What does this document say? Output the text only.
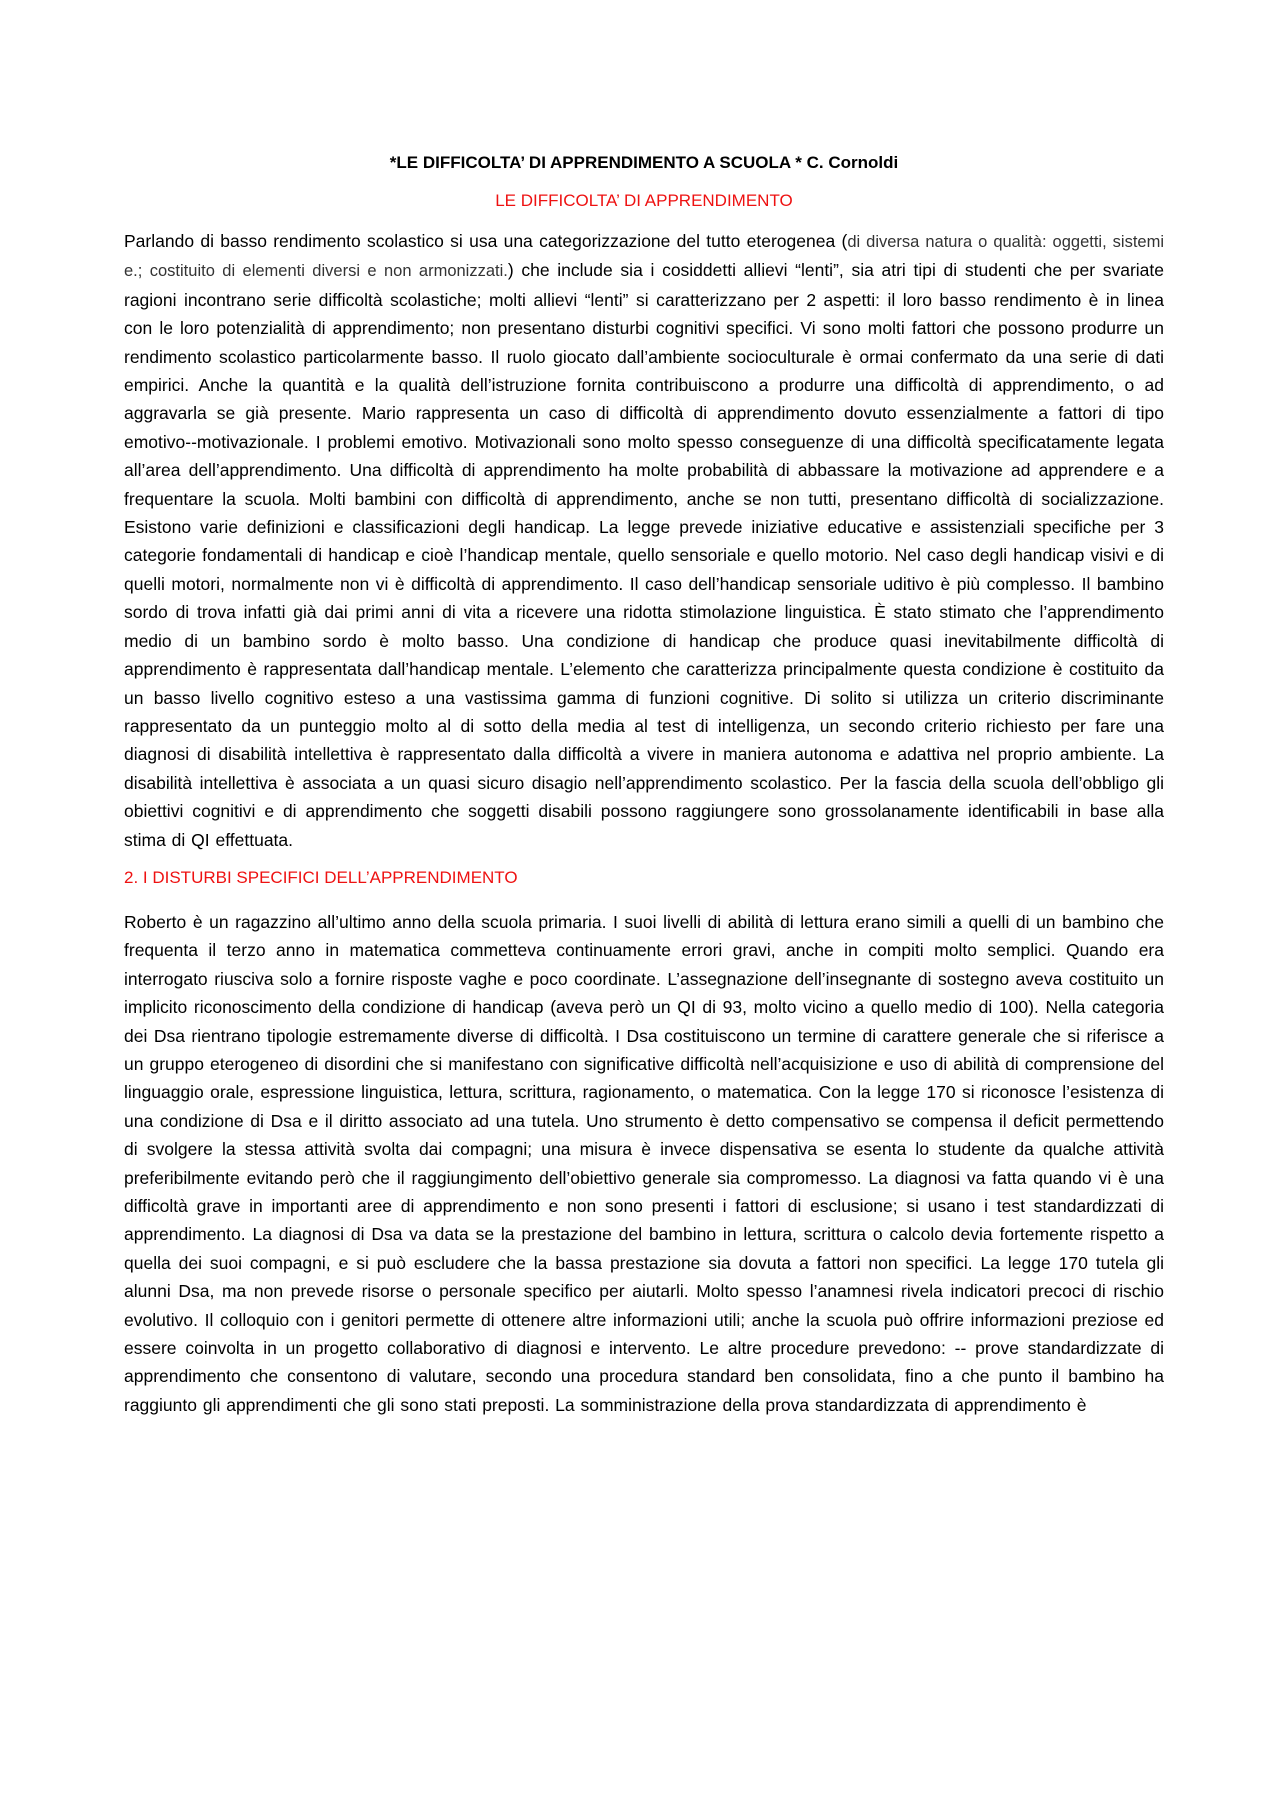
*LE DIFFICOLTA’ DI APPRENDIMENTO A SCUOLA * C. Cornoldi
LE DIFFICOLTA’ DI APPRENDIMENTO

Parlando di basso rendimento scolastico si usa una categorizzazione del tutto eterogenea (di diversa natura o qualità: oggetti, sistemi e.; costituito di elementi diversi e non armonizzati.) che include sia i cosiddetti allievi “lenti”, sia atri tipi di studenti che per svariate ragioni incontrano serie difficoltà scolastiche; molti allievi “lenti” si caratterizzano per 2 aspetti: il loro basso rendimento è in linea con le loro potenzialità di apprendimento; non presentano disturbi cognitivi specifici. Vi sono molti fattori che possono produrre un rendimento scolastico particolarmente basso. Il ruolo giocato dall’ambiente socioculturale è ormai confermato da una serie di dati empirici. Anche la quantità e la qualità dell’istruzione fornita contribuiscono a produrre una difficoltà di apprendimento, o ad aggravarla se già presente. Mario rappresenta un caso di difficoltà di apprendimento dovuto essenzialmente a fattori di tipo emotivo--motivazionale. I problemi emotivo. Motivazionali sono molto spesso conseguenze di una difficoltà specificatamente legata all’area dell’apprendimento. Una difficoltà di apprendimento ha molte probabilità di abbassare la motivazione ad apprendere e a frequentare la scuola. Molti bambini con difficoltà di apprendimento, anche se non tutti, presentano difficoltà di socializzazione. Esistono varie definizioni e classificazioni degli handicap. La legge prevede iniziative educative e assistenziali specifiche per 3 categorie fondamentali di handicap e cioè l’handicap mentale, quello sensoriale e quello motorio. Nel caso degli handicap visivi e di quelli motori, normalmente non vi è difficoltà di apprendimento. Il caso dell’handicap sensoriale uditivo è più complesso. Il bambino sordo di trova infatti già dai primi anni di vita a ricevere una ridotta stimolazione linguistica. È stato stimato che l’apprendimento medio di un bambino sordo è molto basso. Una condizione di handicap che produce quasi inevitabilmente difficoltà di apprendimento è rappresentata dall’handicap mentale. L’elemento che caratterizza principalmente questa condizione è costituito da un basso livello cognitivo esteso a una vastissima gamma di funzioni cognitive. Di solito si utilizza un criterio discriminante rappresentato da un punteggio molto al di sotto della media al test di intelligenza, un secondo criterio richiesto per fare una diagnosi di disabilità intellettiva è rappresentato dalla difficoltà a vivere in maniera autonoma e adattiva nel proprio ambiente. La disabilità intellettiva è associata a un quasi sicuro disagio nell’apprendimento scolastico. Per la fascia della scuola dell’obbligo gli obiettivi cognitivi e di apprendimento che soggetti disabili possono raggiungere sono grossolanamente identificabili in base alla stima di QI effettuata.

2. I DISTURBI SPECIFICI DELL’APPRENDIMENTO

Roberto è un ragazzino all’ultimo anno della scuola primaria. I suoi livelli di abilità di lettura erano simili a quelli di un bambino che frequenta il terzo anno in matematica commetteva continuamente errori gravi, anche in compiti molto semplici. Quando era interrogato riusciva solo a fornire risposte vaghe e poco coordinate. L’assegnazione dell’insegnante di sostegno aveva costituito un implicito riconoscimento della condizione di handicap (aveva però un QI di 93, molto vicino a quello medio di 100). Nella categoria dei Dsa rientrano tipologie estremamente diverse di difficoltà. I Dsa costituiscono un termine di carattere generale che si riferisce a un gruppo eterogeneo di disordini che si manifestano con significative difficoltà nell’acquisizione e uso di abilità di comprensione del linguaggio orale, espressione linguistica, lettura, scrittura, ragionamento, o matematica. Con la legge 170 si riconosce l’esistenza di una condizione di Dsa e il diritto associato ad una tutela. Uno strumento è detto compensativo se compensa il deficit permettendo di svolgere la stessa attività svolta dai compagni; una misura è invece dispensativa se esenta lo studente da qualche attività preferibilmente evitando però che il raggiungimento dell’obiettivo generale sia compromesso. La diagnosi va fatta quando vi è una difficoltà grave in importanti aree di apprendimento e non sono presenti i fattori di esclusione; si usano i test standardizzati di apprendimento. La diagnosi di Dsa va data se la prestazione del bambino in lettura, scrittura o calcolo devia fortemente rispetto a quella dei suoi compagni, e si può escludere che la bassa prestazione sia dovuta a fattori non specifici. La legge 170 tutela gli alunni Dsa, ma non prevede risorse o personale specifico per aiutarli. Molto spesso l’anamnesi rivela indicatori precoci di rischio evolutivo. Il colloquio con i genitori permette di ottenere altre informazioni utili; anche la scuola può offrire informazioni preziose ed essere coinvolta in un progetto collaborativo di diagnosi e intervento. Le altre procedure prevedono: -- prove standardizzate di apprendimento che consentono di valutare, secondo una procedura standard ben consolidata, fino a che punto il bambino ha raggiunto gli apprendimenti che gli sono stati preposti. La somministrazione della prova standardizzata di apprendimento è
